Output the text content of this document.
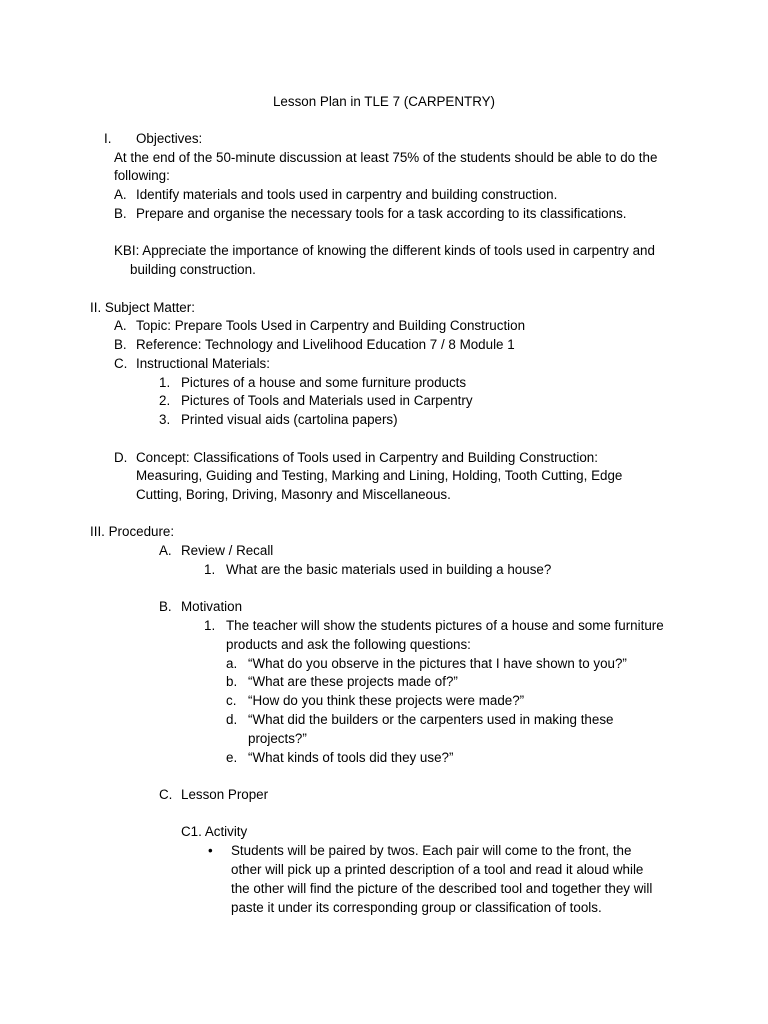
Lesson Plan in TLE 7 (CARPENTRY)
I. Objectives:
At the end of the 50-minute discussion at least 75% of the students should be able to do the
following:
A. Identify materials and tools used in carpentry and building construction.
B. Prepare and organise the necessary tools for a task according to its classifications.
KBI: Appreciate the importance of knowing the different kinds of tools used in carpentry and
building construction.
II. Subject Matter:
A. Topic: Prepare Tools Used in Carpentry and Building Construction
B. Reference: Technology and Livelihood Education 7 / 8 Module 1
C. Instructional Materials:
1. Pictures of a house and some furniture products
2. Pictures of Tools and Materials used in Carpentry
3. Printed visual aids (cartolina papers)
D. Concept: Classifications of Tools used in Carpentry and Building Construction:
Measuring, Guiding and Testing, Marking and Lining, Holding, Tooth Cutting, Edge
Cutting, Boring, Driving, Masonry and Miscellaneous.
III. Procedure:
A. Review / Recall
1. What are the basic materials used in building a house?
B. Motivation
1. The teacher will show the students pictures of a house and some furniture
products and ask the following questions:
a. “What do you observe in the pictures that I have shown to you?”
b. “What are these projects made of?”
c. “How do you think these projects were made?”
d. “What did the builders or the carpenters used in making these
projects?”
e. “What kinds of tools did they use?”
C. Lesson Proper
C1. Activity
• Students will be paired by twos. Each pair will come to the front, the
other will pick up a printed description of a tool and read it aloud while
the other will find the picture of the described tool and together they will
paste it under its corresponding group or classification of tools.
